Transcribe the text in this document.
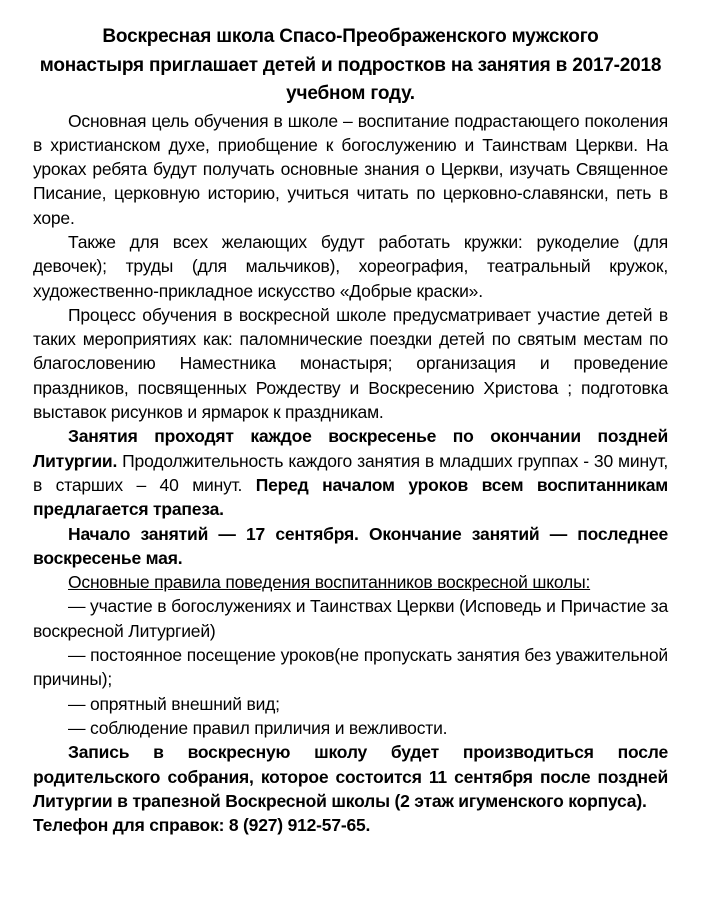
Воскресная школа Спасо-Преображенского мужского
монастыря приглашает детей и подростков на занятия в 2017-2018
учебном году.

Основная цель обучения в школе – воспитание подрастающего поколения в христианском духе, приобщение к богослужению и Таинствам Церкви. На уроках ребята будут получать основные знания о Церкви, изучать Священное Писание, церковную историю, учиться читать по церковно-славянски, петь в хоре.

Также для всех желающих будут работать кружки: рукоделие (для девочек); труды (для мальчиков), хореография, театральный кружок, художественно-прикладное искусство «Добрые краски».

Процесс обучения в воскресной школе предусматривает участие детей в таких мероприятиях как: паломнические поездки детей по святым местам по благословению Наместника монастыря; организация и проведение праздников, посвященных Рождеству и Воскресению Христова ; подготовка выставок рисунков и ярмарок к праздникам.

Занятия проходят каждое воскресенье по окончании поздней Литургии. Продолжительность каждого занятия в младших группах - 30 минут, в старших – 40 минут. Перед началом уроков всем воспитанникам предлагается трапеза.

Начало занятий — 17 сентября. Окончание занятий — последнее воскресенье мая.

Основные правила поведения воспитанников воскресной школы:

— участие в богослужениях и Таинствах Церкви (Исповедь и Причастие за воскресной Литургией)

— постоянное посещение уроков(не пропускать занятия без уважительной причины);

— опрятный внешний вид;

— соблюдение правил приличия и вежливости.

Запись в воскресную школу будет производиться после родительского собрания, которое состоится 11 сентября после поздней Литургии в трапезной Воскресной школы (2 этаж игуменского корпуса).

Телефон для справок: 8 (927) 912-57-65.
